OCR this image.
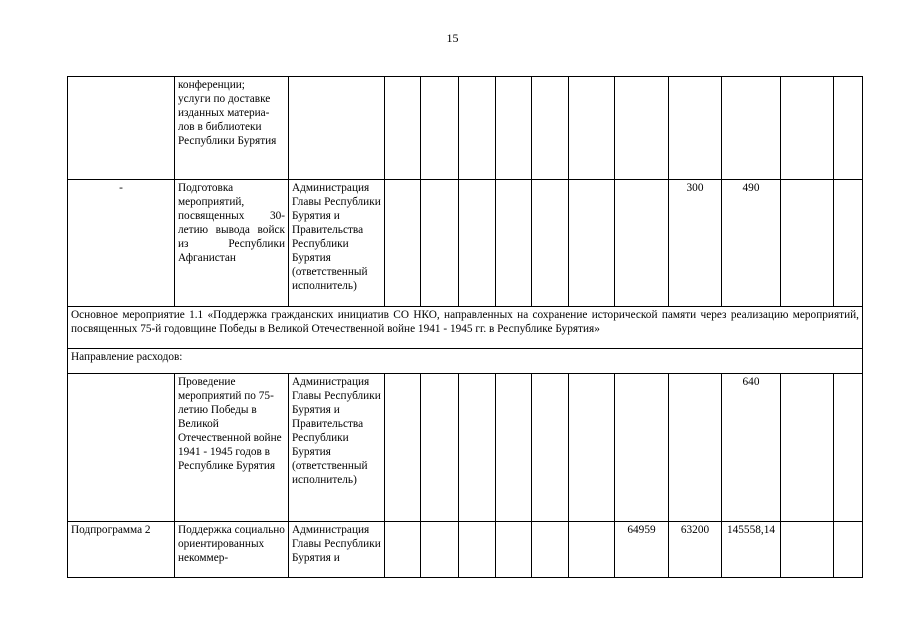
15

	конференции;
услуги по доставке изданных материа-лов в библиотеки Республики Бурятия												

-	Подготовка мероприятий, посвященных 30-летию вывода войск из Республики Афганистан	Администрация Главы Республики Бурятия и Правительства Республики Бурятия (ответственный исполнитель)								300	490		
Основное мероприятие 1.1 «Поддержка гражданских инициатив СО НКО, направленных на сохранение исторической памяти через реализацию мероприятий, посвященных 75-й годовщине Победы в Великой Отечественной войне 1941 - 1945 гг. в Республике Бурятия»													
Направление расходов:													

	Проведение мероприятий по 75-летию Победы в Великой Отечественной войне
1941 - 1945 годов в Республике Бурятия	Администрация Главы Республики Бурятия и Правительства Республики Бурятия (ответственный исполнитель)									640		
Подпрограмма 2	Поддержка социально ориентированных некоммер-	Администрация Главы Республики Бурятия и							64959	63200	145558,14		
